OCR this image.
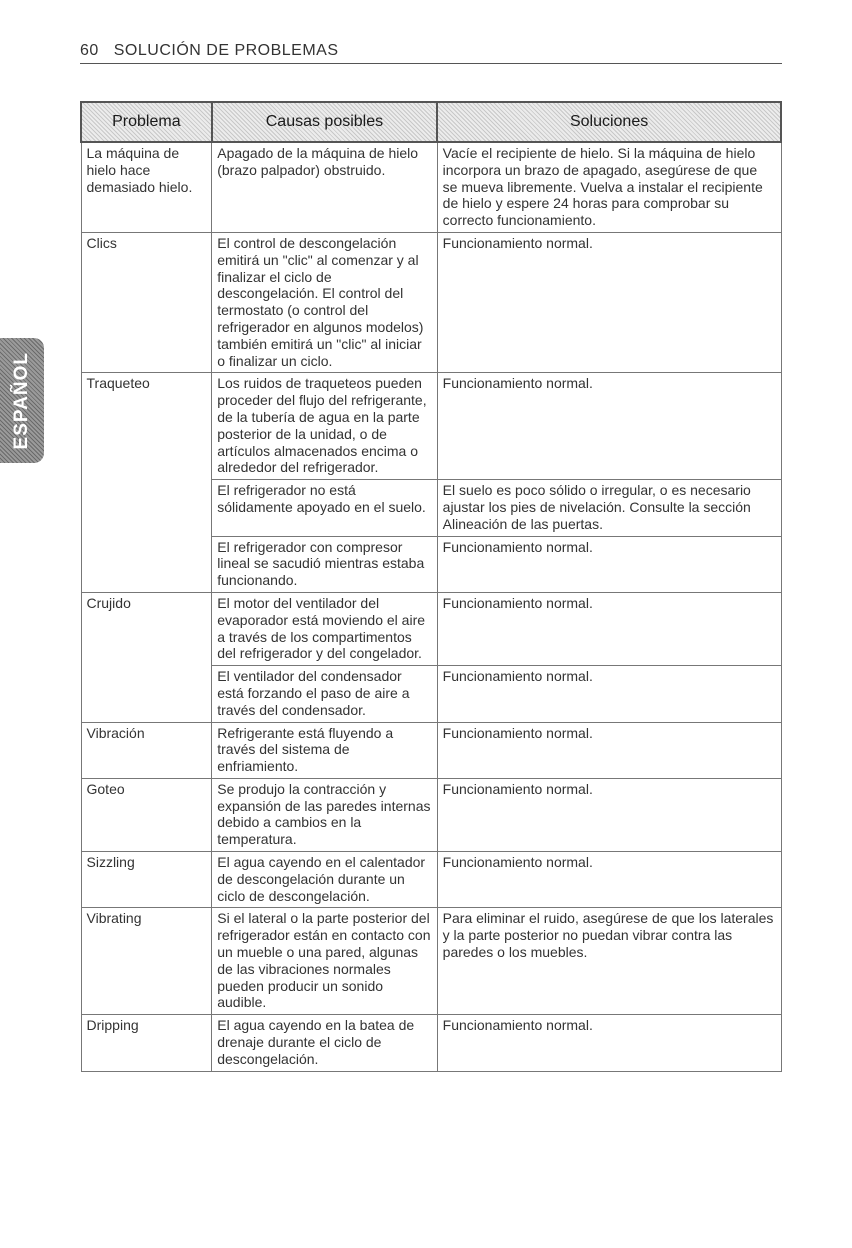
60 SOLUCIÓN DE PROBLEMAS
ESPAÑOL
Problema	Causas posibles	Soluciones
La máquina de hielo hace demasiado hielo.	Apagado de la máquina de hielo (brazo palpador) obstruido.	Vacíe el recipiente de hielo. Si la máquina de hielo incorpora un brazo de apagado, asegúrese de que se mueva libremente. Vuelva a instalar el recipiente de hielo y espere 24 horas para comprobar su correcto funcionamiento.
Clics	El control de descongelación emitirá un "clic" al comenzar y al finalizar el ciclo de descongelación. El control del termostato (o control del refrigerador en algunos modelos) también emitirá un "clic" al iniciar o finalizar un ciclo.	Funcionamiento normal.
Traqueteo	Los ruidos de traqueteos pueden proceder del flujo del refrigerante, de la tubería de agua en la parte posterior de la unidad, o de artículos almacenados encima o alrededor del refrigerador.	Funcionamiento normal.
	El refrigerador no está sólidamente apoyado en el suelo.	El suelo es poco sólido o irregular, o es necesario ajustar los pies de nivelación. Consulte la sección Alineación de las puertas.
	El refrigerador con compresor lineal se sacudió mientras estaba funcionando.	Funcionamiento normal.
Crujido	El motor del ventilador del evaporador está moviendo el aire a través de los compartimentos del refrigerador y del congelador.	Funcionamiento normal.
	El ventilador del condensador está forzando el paso de aire a través del condensador.	Funcionamiento normal.
Vibración	Refrigerante está fluyendo a través del sistema de enfriamiento.	Funcionamiento normal.
Goteo	Se produjo la contracción y expansión de las paredes internas debido a cambios en la temperatura.	Funcionamiento normal.
Sizzling	El agua cayendo en el calentador de descongelación durante un ciclo de descongelación.	Funcionamiento normal.
Vibrating	Si el lateral o la parte posterior del refrigerador están en contacto con un mueble o una pared, algunas de las vibraciones normales pueden producir un sonido audible.	Para eliminar el ruido, asegúrese de que los laterales y la parte posterior no puedan vibrar contra las paredes o los muebles.
Dripping	El agua cayendo en la batea de drenaje durante el ciclo de descongelación.	Funcionamiento normal.
